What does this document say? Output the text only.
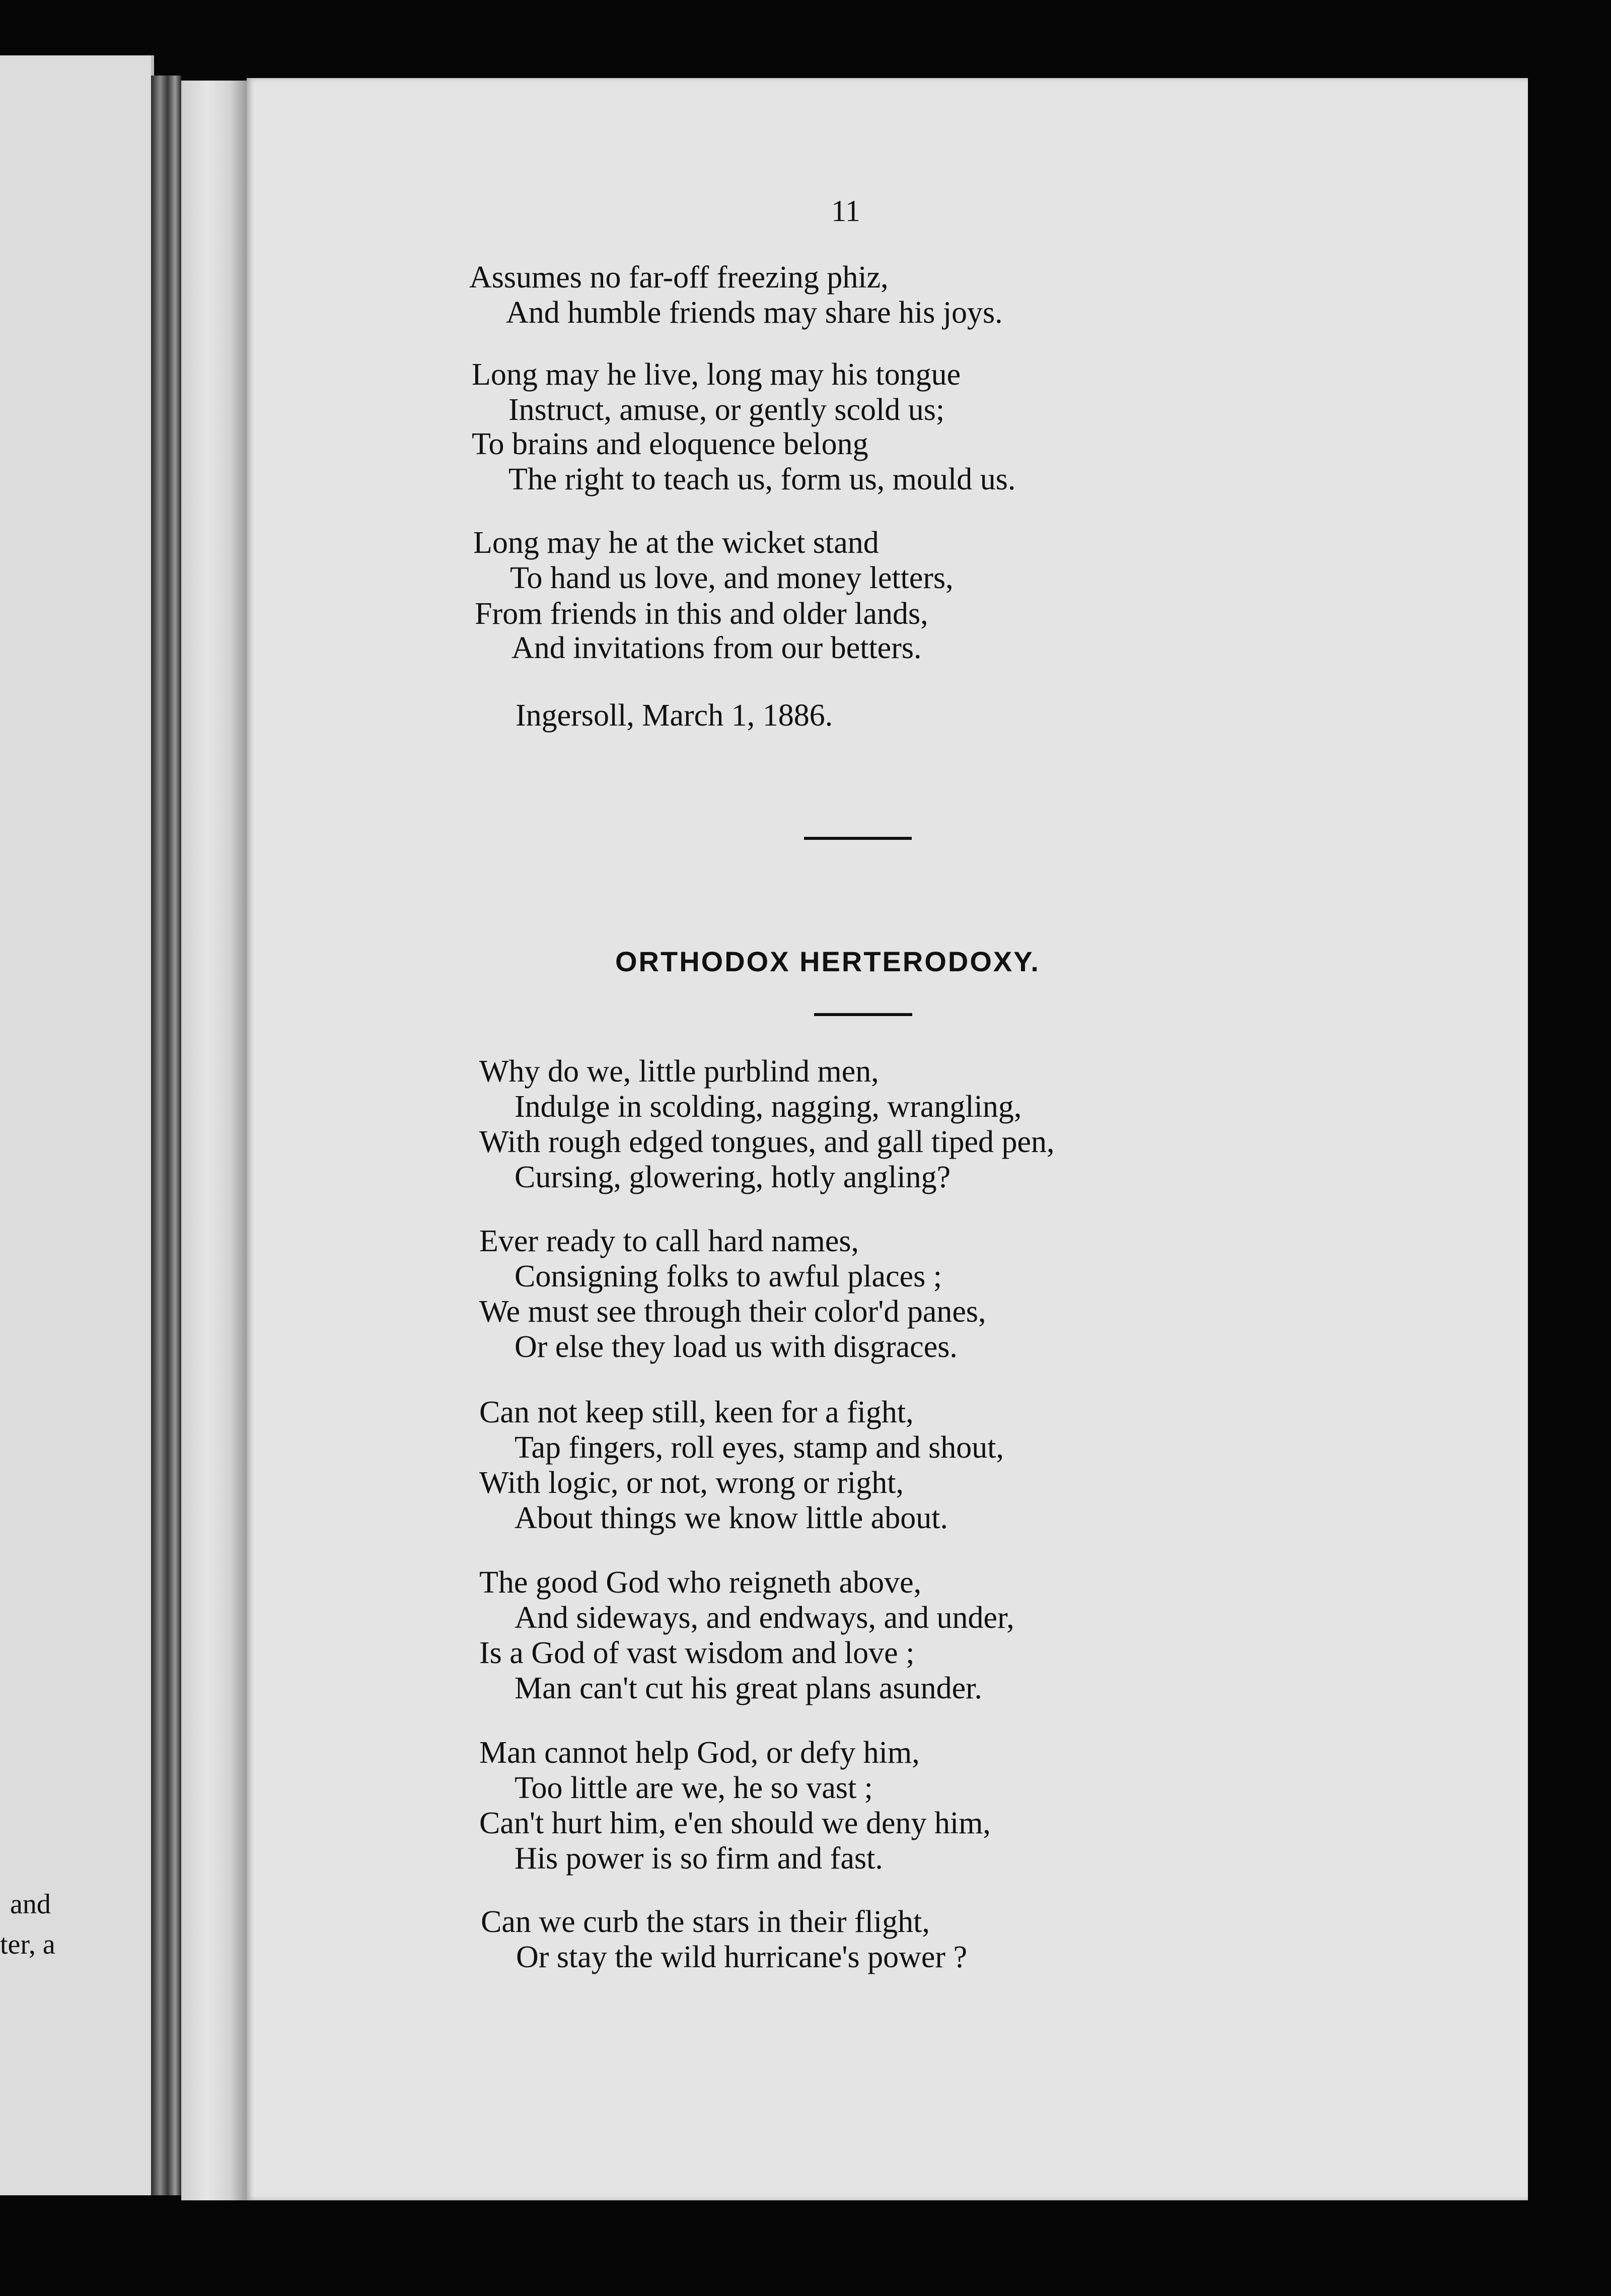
and
ter, a
11
Assumes no far-off freezing phiz,
And humble friends may share his joys.
Long may he live, long may his tongue
Instruct, amuse, or gently scold us;
To brains and eloquence belong
The right to teach us, form us, mould us.
Long may he at the wicket stand
To hand us love, and money letters,
From friends in this and older lands,
And invitations from our betters.
Ingersoll, March 1, 1886.
ORTHODOX HERTERODOXY.
Why do we, little purblind men,
Indulge in scolding, nagging, wrangling,
With rough edged tongues, and gall tiped pen,
Cursing, glowering, hotly angling?
Ever ready to call hard names,
Consigning folks to awful places ;
We must see through their color'd panes,
Or else they load us with disgraces.
Can not keep still, keen for a fight,
Tap fingers, roll eyes, stamp and shout,
With logic, or not, wrong or right,
About things we know little about.
The good God who reigneth above,
And sideways, and endways, and under,
Is a God of vast wisdom and love ;
Man can't cut his great plans asunder.
Man cannot help God, or defy him,
Too little are we, he so vast ;
Can't hurt him, e'en should we deny him,
His power is so firm and fast.
Can we curb the stars in their flight,
Or stay the wild hurricane's power ?
